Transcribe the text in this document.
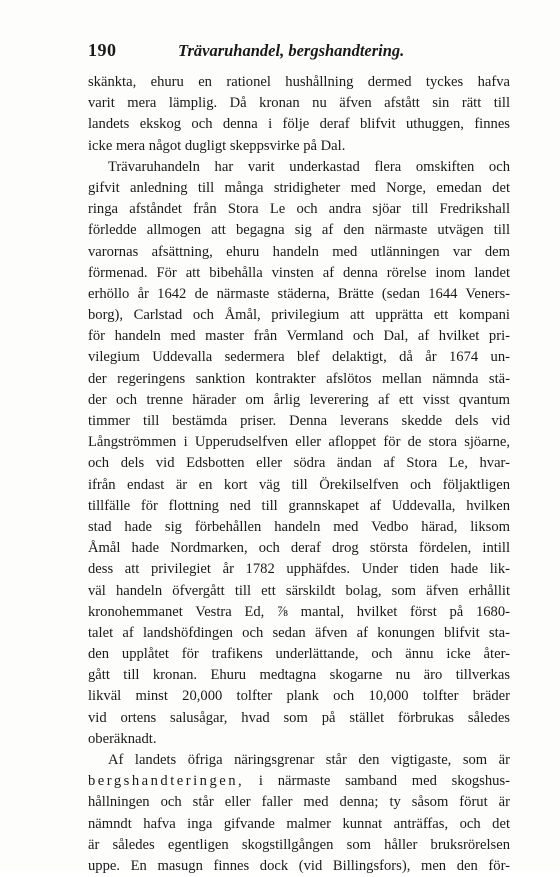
190	Trävaruhandel, bergshandtering.
skänkta, ehuru en rationel hushållning dermed tyckes hafva
varit mera lämplig. Då kronan nu äfven afstått sin rätt till
landets ekskog och denna i följe deraf blifvit uthuggen, finnes
icke mera något dugligt skeppsvirke på Dal.
Trävaruhandeln har varit underkastad flera omskiften och
gifvit anledning till många stridigheter med Norge, emedan det
ringa afståndet från Stora Le och andra sjöar till Fredrikshall
förledde allmogen att begagna sig af den närmaste utvägen till
varornas afsättning, ehuru handeln med utlänningen var dem
förmenad. För att bibehålla vinsten af denna rörelse inom landet
erhöllo år 1642 de närmaste städerna, Brätte (sedan 1644 Veners-
borg), Carlstad och Åmål, privilegium att upprätta ett kompani
för handeln med master från Vermland och Dal, af hvilket pri-
vilegium Uddevalla sedermera blef delaktigt, då år 1674 un-
der regeringens sanktion kontrakter afslötos mellan nämnda stä-
der och trenne härader om årlig leverering af ett visst qvantum
timmer till bestämda priser. Denna leverans skedde dels vid
Långströmmen i Upperudselfven eller afloppet för de stora sjöarne,
och dels vid Edsbotten eller södra ändan af Stora Le, hvar-
ifrån endast är en kort väg till Örekilselfven och följaktligen
tillfälle för flottning ned till grannskapet af Uddevalla, hvilken
stad hade sig förbehållen handeln med Vedbo härad, liksom
Åmål hade Nordmarken, och deraf drog största fördelen, intill
dess att privilegiet år 1782 upphäfdes. Under tiden hade lik-
väl handeln öfvergått till ett särskildt bolag, som äfven erhållit
kronohemmanet Vestra Ed, ⅞ mantal, hvilket först på 1680-
talet af landshöfdingen och sedan äfven af konungen blifvit sta-
den upplåtet för trafikens underlättande, och ännu icke åter-
gått till kronan. Ehuru medtagna skogarne nu äro tillverkas
likväl minst 20,000 tolfter plank och 10,000 tolfter bräder
vid ortens salusågar, hvad som på stället förbrukas således
oberäknadt.
Af landets öfriga näringsgrenar står den vigtigaste, som är
bergshandteringen, i närmaste samband med skogshus-
hållningen och står eller faller med denna; ty såsom förut är
nämndt hafva inga gifvande malmer kunnat anträffas, och det
är således egentligen skogstillgången som håller bruksrörelsen
uppe. En masugn finnes dock (vid Billingsfors), men den för-
